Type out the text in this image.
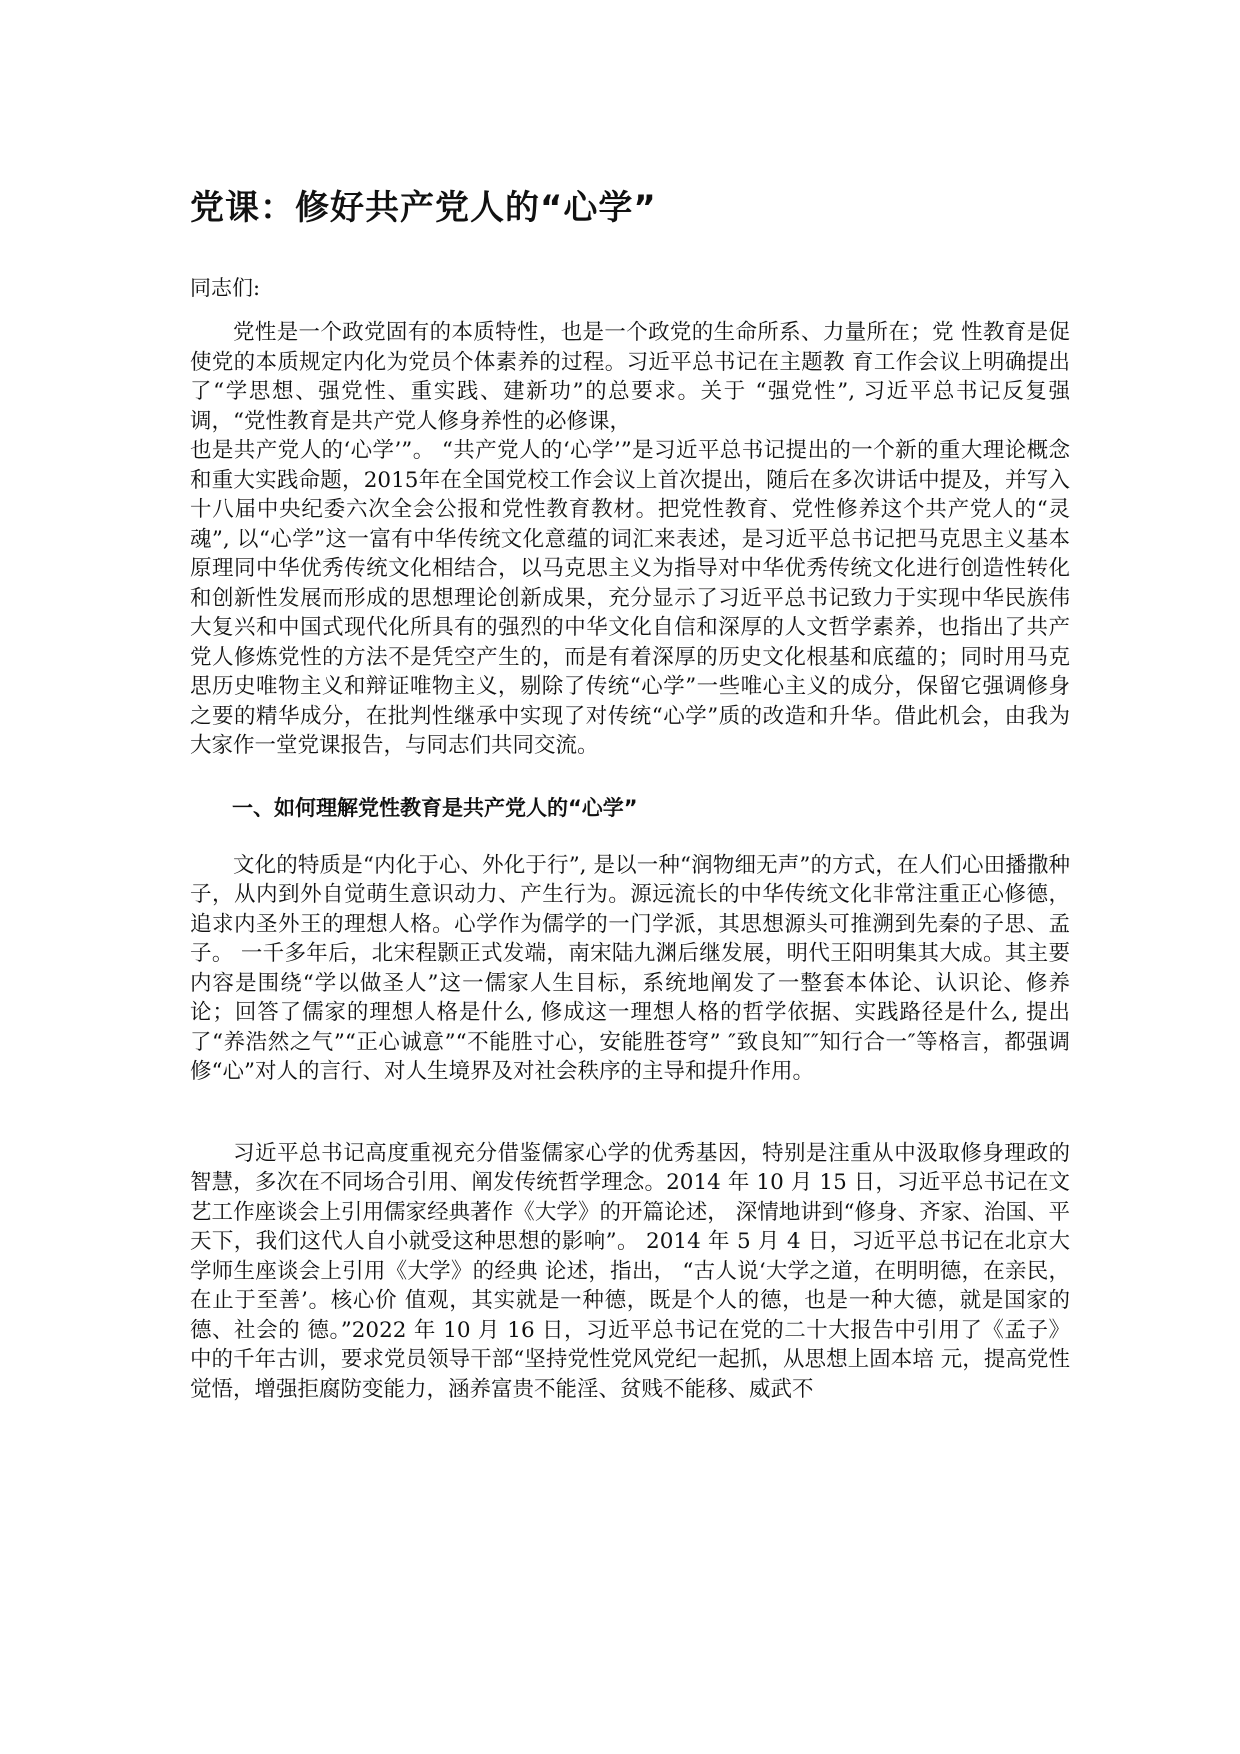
党课：修好共产党人的“心学”

同志们:

党性是一个政党固有的本质特性，也是一个政党的生命所系、力量所在；党 性教育是促使党的本质规定内化为党员个体素养的过程。习近平总书记在主题教 育工作会议上明确提出了“学思想、强党性、重实践、建新功”的总要求。关于 “强党性”, 习近平总书记反复强调，“党性教育是共产党人修身养性的必修课，

也是共产党人的‘心学’”。 “共产党人的‘心学’”是习近平总书记提出的一个新的重大理论概念和重大实践命题，2015年在全国党校工作会议上首次提出，随后在多次讲话中提及，并写入十八届中央纪委六次全会公报和党性教育教材。把党性教育、党性修养这个共产党人的“灵魂”, 以“心学”这一富有中华传统文化意蕴的词汇来表述，是习近平总书记把马克思主义基本原理同中华优秀传统文化相结合，以马克思主义为指导对中华优秀传统文化进行创造性转化和创新性发展而形成的思想理论创新成果，充分显示了习近平总书记致力于实现中华民族伟大复兴和中国式现代化所具有的强烈的中华文化自信和深厚的人文哲学素养，也指出了共产党人修炼党性的方法不是凭空产生的，而是有着深厚的历史文化根基和底蕴的；同时用马克思历史唯物主义和辩证唯物主义，剔除了传统“心学”一些唯心主义的成分，保留它强调修身之要的精华成分，在批判性继承中实现了对传统“心学”质的改造和升华。借此机会，由我为大家作一堂党课报告，与同志们共同交流。

一、如何理解党性教育是共产党人的“心学”

文化的特质是“内化于心、外化于行”, 是以一种“润物细无声”的方式，在人们心田播撒种子，从内到外自觉萌生意识动力、产生行为。源远流长的中华传统文化非常注重正心修德，追求内圣外王的理想人格。心学作为儒学的一门学派，其思想源头可推溯到先秦的子思、孟子。 一千多年后，北宋程颢正式发端，南宋陆九渊后继发展，明代王阳明集其大成。其主要内容是围绕“学以做圣人”这一儒家人生目标，系统地阐发了一整套本体论、认识论、修养论；回答了儒家的理想人格是什么, 修成这一理想人格的哲学依据、实践路径是什么, 提出了“养浩然之气”“正心诚意”“不能胜寸心，安能胜苍穹” ″致良知″″知行合一″等格言，都强调修“心”对人的言行、对人生境界及对社会秩序的主导和提升作用。

习近平总书记高度重视充分借鉴儒家心学的优秀基因，特别是注重从中汲取修身理政的智慧，多次在不同场合引用、阐发传统哲学理念。2014 年 10 月 15 日，习近平总书记在文艺工作座谈会上引用儒家经典著作《大学》的开篇论述， 深情地讲到“修身、齐家、治国、平天下，我们这代人自小就受这种思想的影响”。 2014 年 5 月 4 日，习近平总书记在北京大学师生座谈会上引用《大学》的经典 论述，指出， “古人说‘大学之道，在明明德，在亲民，在止于至善’。核心价 值观，其实就是一种德，既是个人的德，也是一种大德，就是国家的德、社会的 德。”2022 年 10 月 16 日，习近平总书记在党的二十大报告中引用了《孟子》 中的千年古训，要求党员领导干部“坚持党性党风党纪一起抓，从思想上固本培 元，提高党性觉悟，增强拒腐防变能力，涵养富贵不能淫、贫贱不能移、威武不
